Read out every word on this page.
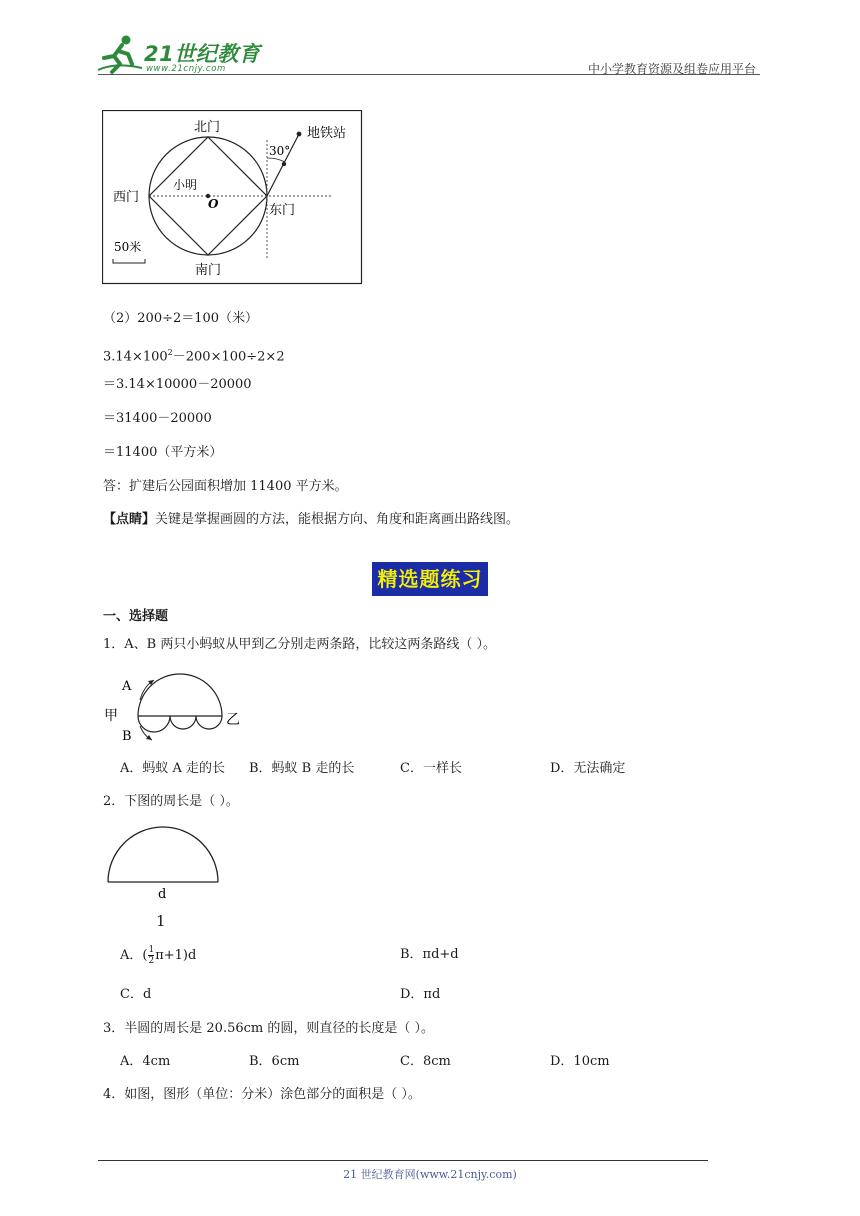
21世纪教育
www.21cnjy.com	中小学教育资源及组卷应用平台
北门
南门
西门
东门
O
小明
30°
地铁站
50米
（2）200÷2＝100（米）
$3.14\times 100^2-200\times 100\div 2\times 2$
＝3.14×10000－20000
＝31400－20000
＝11400（平方米）
答：扩建后公园面积增加 11400 平方米。
【点睛】关键是掌握画圆的方法，能根据方向、角度和距离画出路线图。
精选题练习
一、选择题
1．A、B 两只小蚂蚁从甲到乙分别走两条路，比较这两条路线（ ）。
A
B
甲	乙
A．蚂蚁 A 走的长 B．蚂蚁 B 走的长	C．一样长	D．无法确定
2．下图的周长是（ ）。
d
1
A．( $\frac{1}{2} \pi+1)d$	B．πd+d
C．d	D．πd
3．半圆的周长是 20.56cm 的圆，则直径的长度是（ ）。
A．4cm	B．6cm	C．8cm	D．10cm
4．如图，图形（单位：分米）涂色部分的面积是（ ）。
21 世纪教育网(www.21cnjy.com)
